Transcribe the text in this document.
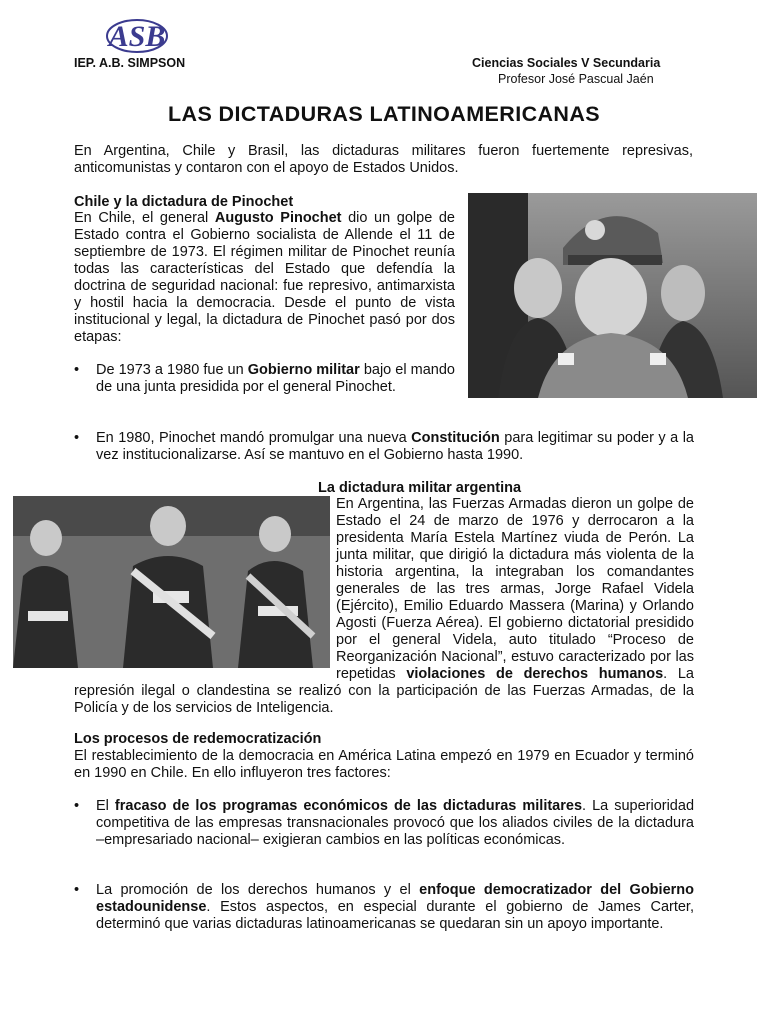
ASB
IEP. A.B. SIMPSON	Ciencias Sociales V Secundaria
Profesor José Pascual Jaén
LAS DICTADURAS LATINOAMERICANAS

En Argentina, Chile y Brasil, las dictaduras militares fueron fuertemente represivas, anticomunistas y contaron con el apoyo de Estados Unidos.

Chile y la dictadura de Pinochet

En Chile, el general Augusto Pinochet dio un golpe de Estado contra el Gobierno socialista de Allende el 11 de septiembre de 1973. El régimen militar de Pinochet reunía todas las características del Estado que defendía la doctrina de seguridad nacional: fue represivo, antimarxista y hostil hacia la democracia. Desde el punto de vista institucional y legal, la dictadura de Pinochet pasó por dos etapas:

• De 1973 a 1980 fue un Gobierno militar bajo el mando de una junta presidida por el general Pinochet.
• En 1980, Pinochet mandó promulgar una nueva Constitución para legitimar su poder y a la vez institucionalizarse. Así se mantuvo en el Gobierno hasta 1990.
La dictadura militar argentina

En Argentina, las Fuerzas Armadas dieron un golpe de Estado el 24 de marzo de 1976 y derrocaron a la presidenta María Estela Martínez viuda de Perón. La junta militar, que dirigió la dictadura más violenta de la historia argentina, la integraban los comandantes generales de las tres armas, Jorge Rafael Videla (Ejército), Emilio Eduardo Massera (Marina) y Orlando Agosti (Fuerza Aérea). El gobierno dictatorial presidido por el general Videla, auto titulado “Proceso de Reorganización Nacional”, estuvo caracterizado por las repetidas violaciones de derechos humanos. La represión ilegal o clandestina se realizó con la participación de las Fuerzas Armadas, de la Policía y de los servicios de Inteligencia.

Los procesos de redemocratización

El restablecimiento de la democracia en América Latina empezó en 1979 en Ecuador y terminó en 1990 en Chile. En ello influyeron tres factores:

• El fracaso de los programas económicos de las dictaduras militares. La superioridad competitiva de las empresas transnacionales provocó que los aliados civiles de la dictadura –empresariado nacional– exigieran cambios en las políticas económicas.
• La promoción de los derechos humanos y el enfoque democratizador del Gobierno estadounidense. Estos aspectos, en especial durante el gobierno de James Carter, determinó que varias dictaduras latinoamericanas se quedaran sin un apoyo importante.
